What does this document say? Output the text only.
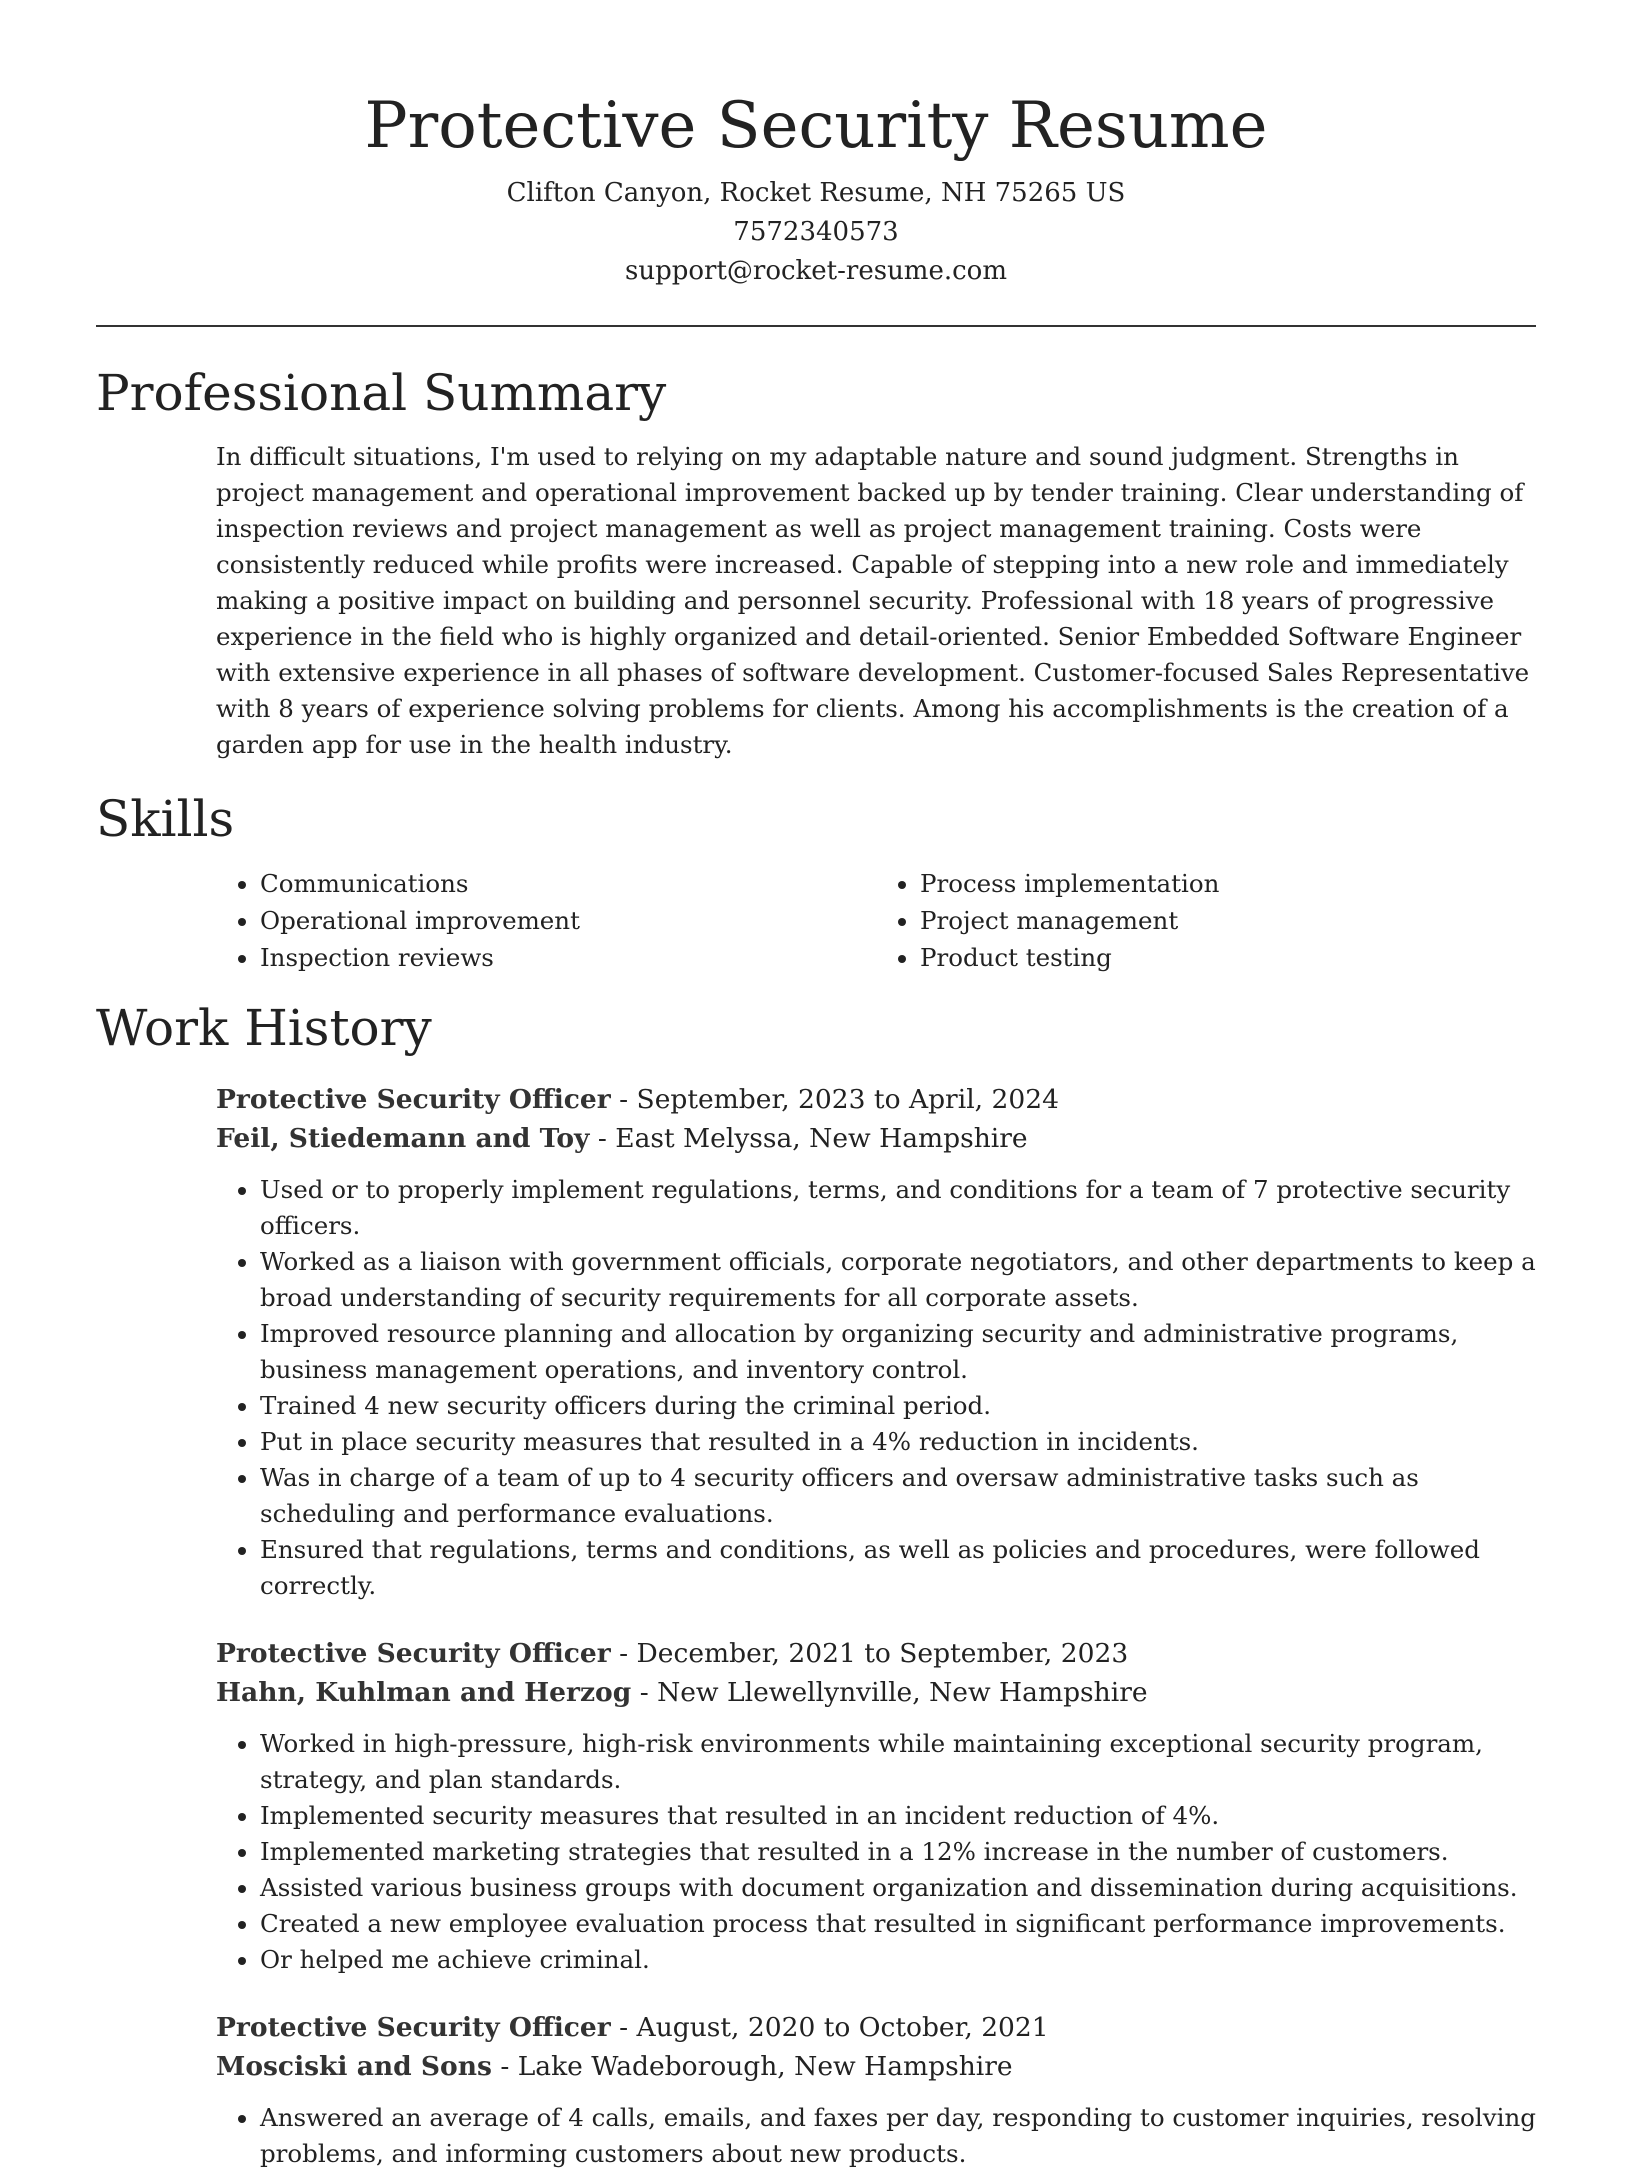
Protective Security Resume

Clifton Canyon, Rocket Resume, NH 75265 US

7572340573

support@rocket-resume.com

Professional Summary

In difficult situations, I'm used to relying on my adaptable nature and sound judgment. Strengths in project management and operational improvement backed up by tender training. Clear understanding of inspection reviews and project management as well as project management training. Costs were consistently reduced while profits were increased. Capable of stepping into a new role and immediately making a positive impact on building and personnel security. Professional with 18 years of progressive experience in the field who is highly organized and detail-oriented. Senior Embedded Software Engineer with extensive experience in all phases of software development. Customer-focused Sales Representative with 8 years of experience solving problems for clients. Among his accomplishments is the creation of a garden app for use in the health industry.

Skills
• Communications
• Operational improvement
• Inspection reviews
• Process implementation
• Project management
• Product testing
Work History

Protective Security Officer - September, 2023 to April, 2024

Feil, Stiedemann and Toy - East Melyssa, New Hampshire

• Used or to properly implement regulations, terms, and conditions for a team of 7 protective security officers.
• Worked as a liaison with government officials, corporate negotiators, and other departments to keep a broad understanding of security requirements for all corporate assets.
• Improved resource planning and allocation by organizing security and administrative programs, business management operations, and inventory control.
• Trained 4 new security officers during the criminal period.
• Put in place security measures that resulted in a 4% reduction in incidents.
• Was in charge of a team of up to 4 security officers and oversaw administrative tasks such as scheduling and performance evaluations.
• Ensured that regulations, terms and conditions, as well as policies and procedures, were followed correctly.

Protective Security Officer - December, 2021 to September, 2023

Hahn, Kuhlman and Herzog - New Llewellynville, New Hampshire

• Worked in high-pressure, high-risk environments while maintaining exceptional security program, strategy, and plan standards.
• Implemented security measures that resulted in an incident reduction of 4%.
• Implemented marketing strategies that resulted in a 12% increase in the number of customers.
• Assisted various business groups with document organization and dissemination during acquisitions.
• Created a new employee evaluation process that resulted in significant performance improvements.
• Or helped me achieve criminal.

Protective Security Officer - August, 2020 to October, 2021

Mosciski and Sons - Lake Wadeborough, New Hampshire

• Answered an average of 4 calls, emails, and faxes per day, responding to customer inquiries, resolving problems, and informing customers about new products.
